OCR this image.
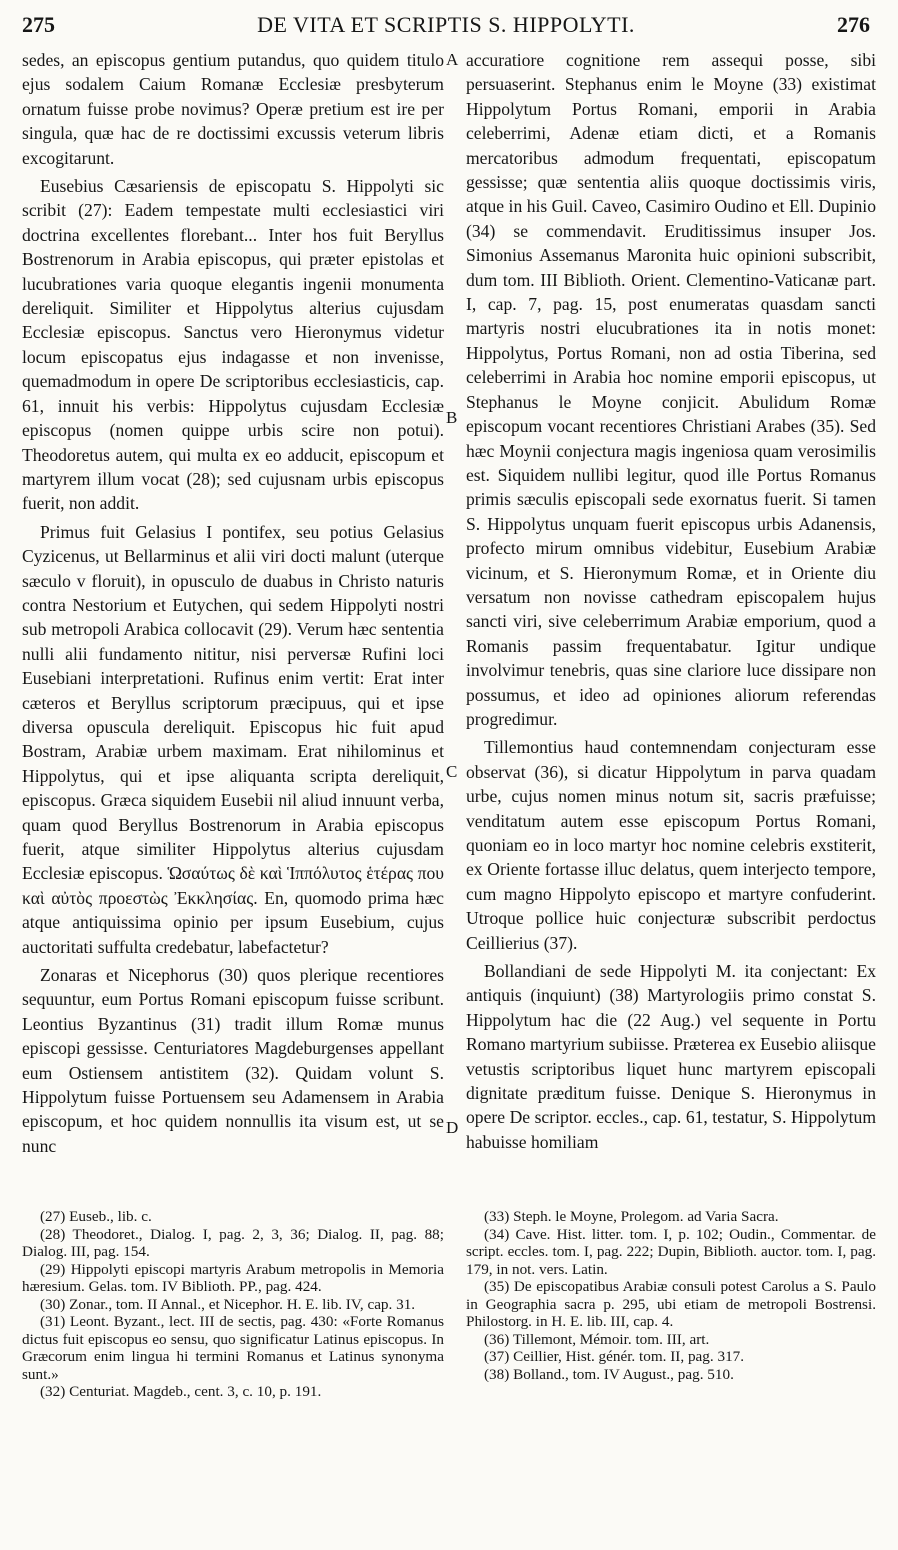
275	DE VITA ET SCRIPTIS S. HIPPOLYTI.	276

sedes, an episcopus gentium putandus, quo quidem titulo ejus sodalem Caium Romanæ Ecclesiæ presbyterum ornatum fuisse probe novimus? Operæ pretium est ire per singula, quæ hac de re doctissimi excussis veterum libris excogitarunt.

Eusebius Cæsariensis de episcopatu S. Hippolyti sic scribit (27): Eadem tempestate multi ecclesiastici viri doctrina excellentes florebant... Inter hos fuit Beryllus Bostrenorum in Arabia episcopus, qui præter epistolas et lucubrationes varia quoque elegantis ingenii monumenta dereliquit. Similiter et Hippolytus alterius cujusdam Ecclesiæ episcopus. Sanctus vero Hieronymus videtur locum episcopatus ejus indagasse et non invenisse, quemadmodum in opere De scriptoribus ecclesiasticis, cap. 61, innuit his verbis: Hippolytus cujusdam Ecclesiæ episcopus (nomen quippe urbis scire non potui). Theodoretus autem, qui multa ex eo adducit, episcopum et martyrem illum vocat (28); sed cujusnam urbis episcopus fuerit, non addit.

Primus fuit Gelasius I pontifex, seu potius Gelasius Cyzicenus, ut Bellarminus et alii viri docti malunt (uterque sæculo v floruit), in opusculo de duabus in Christo naturis contra Nestorium et Eutychen, qui sedem Hippolyti nostri sub metropoli Arabica collocavit (29). Verum hæc sententia nulli alii fundamento nititur, nisi perversæ Rufini loci Eusebiani interpretationi. Rufinus enim vertit: Erat inter cæteros et Beryllus scriptorum præcipuus, qui et ipse diversa opuscula dereliquit. Episcopus hic fuit apud Bostram, Arabiæ urbem maximam. Erat nihilominus et Hippolytus, qui et ipse aliquanta scripta dereliquit, episcopus. Græca siquidem Eusebii nil aliud innuunt verba, quam quod Beryllus Bostrenorum in Arabia episcopus fuerit, atque similiter Hippolytus alterius cujusdam Ecclesiæ episcopus. Ὡσαύτως δὲ καὶ Ἱππόλυτος ἑτέρας που καὶ αὐτὸς προεστὼς Ἐκκλησίας. En, quomodo prima hæc atque antiquissima opinio per ipsum Eusebium, cujus auctoritati suffulta credebatur, labefactetur?

Zonaras et Nicephorus (30) quos plerique recentiores sequuntur, eum Portus Romani episcopum fuisse scribunt. Leontius Byzantinus (31) tradit illum Romæ munus episcopi gessisse. Centuriatores Magdeburgenses appellant eum Ostiensem antistitem (32). Quidam volunt S. Hippolytum fuisse Portuensem seu Adamensem in Arabia episcopum, et hoc quidem nonnullis ita visum est, ut se nunc

accuratiore cognitione rem assequi posse, sibi persuaserint. Stephanus enim le Moyne (33) existimat Hippolytum Portus Romani, emporii in Arabia celeberrimi, Adenæ etiam dicti, et a Romanis mercatoribus admodum frequentati, episcopatum gessisse; quæ sententia aliis quoque doctissimis viris, atque in his Guil. Caveo, Casimiro Oudino et Ell. Dupinio (34) se commendavit. Eruditissimus insuper Jos. Simonius Assemanus Maronita huic opinioni subscribit, dum tom. III Biblioth. Orient. Clementino-Vaticanæ part. I, cap. 7, pag. 15, post enumeratas quasdam sancti martyris nostri elucubrationes ita in notis monet: Hippolytus, Portus Romani, non ad ostia Tiberina, sed celeberrimi in Arabia hoc nomine emporii episcopus, ut Stephanus le Moyne conjicit. Abulidum Romæ episcopum vocant recentiores Christiani Arabes (35). Sed hæc Moynii conjectura magis ingeniosa quam verosimilis est. Siquidem nullibi legitur, quod ille Portus Romanus primis sæculis episcopali sede exornatus fuerit. Si tamen S. Hippolytus unquam fuerit episcopus urbis Adanensis, profecto mirum omnibus videbitur, Eusebium Arabiæ vicinum, et S. Hieronymum Romæ, et in Oriente diu versatum non novisse cathedram episcopalem hujus sancti viri, sive celeberrimum Arabiæ emporium, quod a Romanis passim frequentabatur. Igitur undique involvimur tenebris, quas sine clariore luce dissipare non possumus, et ideo ad opiniones aliorum referendas progredimur.

Tillemontius haud contemnendam conjecturam esse observat (36), si dicatur Hippolytum in parva quadam urbe, cujus nomen minus notum sit, sacris præfuisse; venditatum autem esse episcopum Portus Romani, quoniam eo in loco martyr hoc nomine celebris exstiterit, ex Oriente fortasse illuc delatus, quem interjecto tempore, cum magno Hippolyto episcopo et martyre confuderint. Utroque pollice huic conjecturæ subscribit perdoctus Ceillierius (37).

Bollandiani de sede Hippolyti M. ita conjectant: Ex antiquis (inquiunt) (38) Martyrologiis primo constat S. Hippolytum hac die (22 Aug.) vel sequente in Portu Romano martyrium subiisse. Præterea ex Eusebio aliisque vetustis scriptoribus liquet hunc martyrem episcopali dignitate præditum fuisse. Denique S. Hieronymus in opere De scriptor. eccles., cap. 61, testatur, S. Hippolytum habuisse homiliam

A
B
C
D
(27) Euseb., lib. c.
(28) Theodoret., Dialog. I, pag. 2, 3, 36; Dialog. II, pag. 88; Dialog. III, pag. 154.
(29) Hippolyti episcopi martyris Arabum metropolis in Memoria hæresium. Gelas. tom. IV Biblioth. PP., pag. 424.
(30) Zonar., tom. II Annal., et Nicephor. H. E. lib. IV, cap. 31.
(31) Leont. Byzant., lect. III de sectis, pag. 430: «Forte Romanus dictus fuit episcopus eo sensu, quo significatur Latinus episcopus. In Græcorum enim lingua hi termini Romanus et Latinus synonyma sunt.»
(32) Centuriat. Magdeb., cent. 3, c. 10, p. 191.
(33) Steph. le Moyne, Prolegom. ad Varia Sacra.
(34) Cave. Hist. litter. tom. I, p. 102; Oudin., Commentar. de script. eccles. tom. I, pag. 222; Dupin, Biblioth. auctor. tom. I, pag. 179, in not. vers. Latin.
(35) De episcopatibus Arabiæ consuli potest Carolus a S. Paulo in Geographia sacra p. 295, ubi etiam de metropoli Bostrensi. Philostorg. in H. E. lib. III, cap. 4.
(36) Tillemont, Mémoir. tom. III, art.
(37) Ceillier, Hist. génér. tom. II, pag. 317.
(38) Bolland., tom. IV August., pag. 510.
